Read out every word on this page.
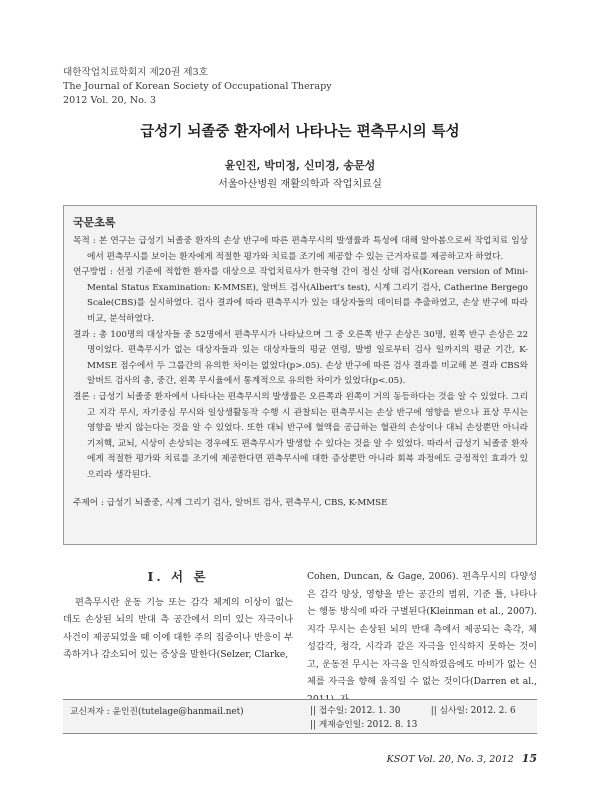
대한작업치료학회지 제20권 제3호
The Journal of Korean Society of Occupational Therapy
2012 Vol. 20, No. 3
급성기 뇌졸중 환자에서 나타나는 편측무시의 특성
윤인진, 박미정, 신미경, 송문성
서울아산병원 재활의학과 작업치료실
국문초록

목적 : 본 연구는 급성기 뇌졸중 환자의 손상 반구에 따른 편측무시의 발생률과 특성에 대해 알아봄으로써 작업치료 임상에서 편측무시를 보이는 환자에게 적절한 평가와 치료를 조기에 제공할 수 있는 근거자료를 제공하고자 하였다.

연구방법 : 선정 기준에 적합한 환자를 대상으로 작업치료사가 한국형 간이 정신 상태 검사(Korean version of Mini-Mental Status Examination: K-MMSE), 알버트 검사(Albert’s test), 시계 그리기 검사, Catherine Bergego Scale(CBS)를 실시하였다. 검사 결과에 따라 편측무시가 있는 대상자들의 데이터를 추출하였고, 손상 반구에 따라 비교, 분석하였다.

결과 : 총 100명의 대상자들 중 52명에서 편측무시가 나타났으며 그 중 오른쪽 반구 손상은 30명, 왼쪽 반구 손상은 22명이었다. 편측무시가 없는 대상자들과 있는 대상자들의 평균 연령, 발병 일로부터 검사 일까지의 평균 기간, K-MMSE 점수에서 두 그룹간의 유의한 차이는 없었다(p>.05). 손상 반구에 따른 검사 결과를 비교해 본 결과 CBS와 알버트 검사의 총, 중간, 왼쪽 무시율에서 통계적으로 유의한 차이가 있었다(p<.05).

결론 : 급성기 뇌졸중 환자에서 나타나는 편측무시의 발생률은 오른쪽과 왼쪽이 거의 동등하다는 것을 알 수 있었다. 그리고 지각 무시, 자기중심 무시와 일상생활동작 수행 시 관찰되는 편측무시는 손상 반구에 영향을 받으나 표상 무시는 영향을 받지 않는다는 것을 알 수 있었다. 또한 대뇌 반구에 혈액을 공급하는 혈관의 손상이나 대뇌 손상뿐만 아니라 기저핵, 교뇌, 시상이 손상되는 경우에도 편측무시가 발생할 수 있다는 것을 알 수 있었다. 따라서 급성기 뇌졸중 환자에게 적절한 평가와 치료를 조기에 제공한다면 편측무시에 대한 증상뿐만 아니라 회복 과정에도 긍정적인 효과가 있으리라 생각된다.

주제어 : 급성기 뇌졸중, 시계 그리기 검사, 알버트 검사, 편측무시, CBS, K-MMSE
Ⅰ. 서 론

편측무시란 운동 기능 또는 감각 체계의 이상이 없는 데도 손상된 뇌의 반대 측 공간에서 의미 있는 자극이나 사건이 제공되었을 때 이에 대한 주의 집중이나 반응이 부족하거나 감소되어 있는 증상을 말한다(Selzer, Clarke,

Cohen, Duncan, & Gage, 2006). 편측무시의 다양성은 감각 양상, 영향을 받는 공간의 범위, 기준 틀, 나타나는 행동 방식에 따라 구별된다(Kleinman et al., 2007). 지각 무시는 손상된 뇌의 반대 측에서 제공되는 촉각, 체성감각, 청각, 시각과 같은 자극을 인식하지 못하는 것이고, 운동전 무시는 자극을 인식하였음에도 마비가 없는 신체를 자극을 향해 움직일 수 없는 것이다(Darren et al.,

교신저자 : 윤인진(tutelage@hanmail.net)	|| 접수일: 2012. 1. 30	|| 심사일: 2012. 2. 6
|| 게재승인일: 2012. 8. 13
KSOT Vol. 20, No. 3, 2012 15
